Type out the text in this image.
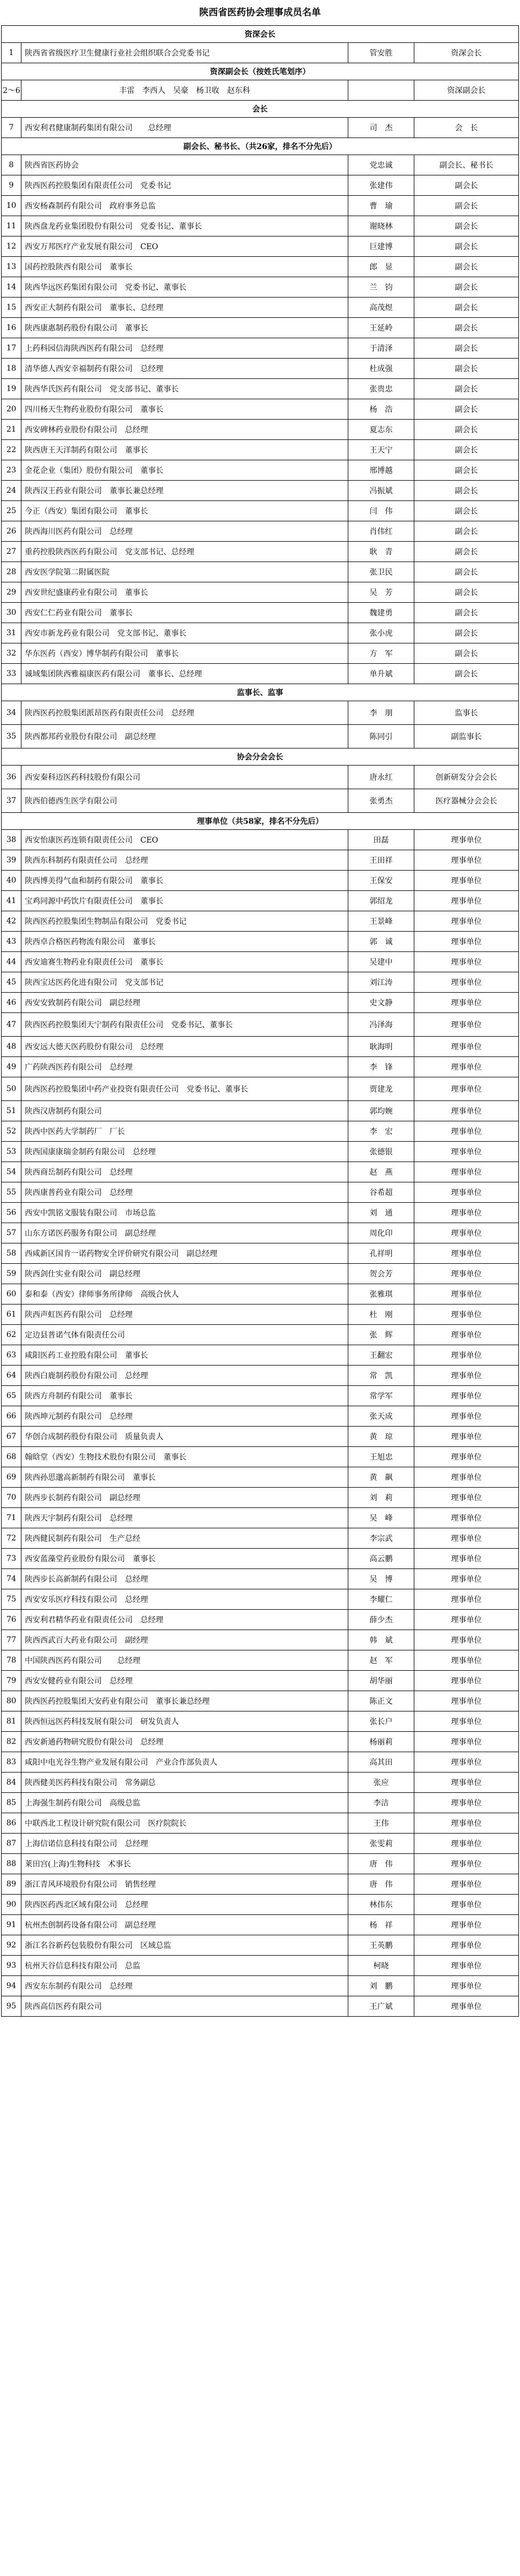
陕西省医药协会理事成员名单
资深会长			
1	陕西省省级医疗卫生健康行业社会组织联合会党委书记	管安胜	资深会长
资深副会长（按姓氏笔划序）			
2～6	丰雷　李西人　吴豪　杨卫收　赵东科		资深副会长
会长			
7	西安利君健康制药集团有限公司　　总经理	司　杰	会　长
副会长、秘书长、（共26家，排名不分先后）			
8	陕西省医药协会	党忠诚	副会长、秘书长
9	陕西医药控股集团有限责任公司　党委书记	张建伟	副会长
10	西安杨森制药有限公司　政府事务总监	曹　瑜	副会长
11	陕西盘龙药业集团股份有限公司　党委书记、董事长	谢晓林	副会长
12	西安万邦医疗产业发展有限公司　CEO	巨建博	副会长
13	国药控股陕西有限公司　董事长	郎　显	副会长
14	陕西华远医药集团有限公司　党委书记、董事长	兰　钧	副会长
15	西安正大制药有限公司　董事长、总经理	高茂煜	副会长
16	陕西康惠制药股份有限公司　董事长	王延岭	副会长
17	上药科园信海陕西医药有限公司　总经理	于清泽	副会长
18	清华德人西安幸福制药有限公司　总经理	杜成强	副会长
19	陕西华氏医药有限公司　党支部书记、董事长	张贵忠	副会长
20	四川杨天生物药业股份有限公司　董事长	杨　浩	副会长
21	西安碑林药业股份有限公司　总经理	夏志东	副会长
22	陕西唐王天洋制药有限公司　董事长	王天宁	副会长
23	金花企业（集团）股份有限公司　董事长	邢博越	副会长
24	陕西汉王药业有限公司　董事长兼总经理	冯振斌	副会长
25	今正（西安）集团有限公司　董事长	闫　伟	副会长
26	陕西海川医药有限公司　总经理	肖伟红	副会长
27	重药控股陕西医药有限公司　党支部书记、总经理	耿　青	副会长
28	西安医学院第二附属医院	张卫民	副会长
29	西安世纪盛康药业有限公司　董事长	吴　芳	副会长
30	西安仁仁药业有限公司　董事长	魏建勇	副会长
31	西安市新龙药业有限公司　党支部书记、董事长	张小虎	副会长
32	华东医药（西安）博华制药有限公司　董事长	方　军	副会长
33	诚域集团陕西雅福康医药有限公司　董事长、总经理	单升斌	副会长
监事长、监事			
34	陕西医药控股集团派昂医药有限责任公司　总经理	李　朋	监事长
35	陕西都邦药业股份有限公司　副总经理	陈同引	副监事长
协会分会会长			
36	西安秦科迈医药科技股份有限公司	唐永红	创新研发分会会长
37	陕西伯德西生医学有限公司	张勇杰	医疗器械分会会长
理事单位（共58家，排名不分先后）			
38	西安怡康医药连锁有限责任公司　CEO	田磊	理事单位
39	陕西东科制药有限责任公司　总经理	王田祥	理事单位
40	陕西博美得气血和制药有限公司　董事长	王保安	理事单位
41	宝鸡同源中药饮片有限责任公司　董事长	郭绍龙	理事单位
42	陕西医药控股集团生物制品有限公司　党委书记	王景峰	理事单位
43	陕西卓合格医药物流有限公司　董事长	郭　诚	理事单位
44	西安迪赛生物药业有限责任公司　董事长	吴建中	理事单位
45	陕西宝达医药化进有限公司　党支部书记	刘江涛	理事单位
46	西安安致制药有限公司　副总经理	史文静	理事单位
47	陕西医药控股集团天宁制药有限责任公司　党委书记、董事长	冯泽海	理事单位
48	西安远大德天医药股份有限公司　总经理	耿海明	理事单位
49	广药陕西医药有限公司　总经理	李　锋	理事单位
50	陕西医药控股集团中药产业投资有限责任公司　党委书记、董事长	贾建龙	理事单位
51	陕西汉唐制药有限公司	郭均婉	理事单位
52	陕西中医药大学制药厂　厂长	李　宏	理事单位
53	陕西国康康瑞金制药有限公司　总经理	张德银	理事单位
54	陕西商岳制药有限公司　总经理	赵　燕	理事单位
55	陕西康普药业有限公司　总经理	谷希超	理事单位
56	西安中凯铭文服装有限公司　市场总监	刘　通	理事单位
57	山东方诺医药服务有限公司　副总经理	周化印	理事单位
58	西咸新区国肯一诺药物安全评价研究有限公司　副总经理	孔祥明	理事单位
59	陕西剑仕实业有限公司　副总经理	贺会芳	理事单位
60	泰和泰（西安）律师事务所律师　高级合伙人	张雅琪	理事单位
61	陕西声虹医药有限公司　总经理	杜　刚	理事单位
62	定边县普诺气体有限责任公司	张　辉	理事单位
63	咸阳医药工业控股有限公司　董事长	王翻宏	理事单位
64	陕西白鹿制药股份有限公司　总经理	常　凯	理事单位
65	陕西方舟制药有限公司　董事长	常学军	理事单位
66	陕西坤元制药有限公司　总经理	张天成	理事单位
67	华创合成制药股份有限公司　质量负责人	黄　琼	理事单位
68	翰晗堂（西安）生物技术股份有限公司　董事长	王旭忠	理事单位
69	陕西孙思邈高新制药有限公司　董事长	黄　飙	理事单位
70	陕西步长制药有限公司　副总经理	刘　莉	理事单位
71	陕西天宇制药有限公司　总经理	吴　峰	理事单位
72	陕西健民制药有限公司　生产总经	李宗武	理事单位
73	西安蓝藻堂药业股份有限公司　董事长	高云鹏	理事单位
74	陕西步长高新制药有限公司　总经理	吴　博	理事单位
75	西安安乐医疗科技有限公司　总经理	李耀仁	理事单位
76	西安利君精华药业有限责任公司　总经理	薛少杰	理事单位
77	陕西西武百大药业有限公司　副经理	韩　斌	理事单位
78	中国陕西医药有限公司　　总经理	赵　军	理事单位
79	西安安健药业有限公司　总经理	胡华丽	理事单位
80	陕西医药控股集团天安药业有限公司　董事长兼总经理	陈正文	理事单位
81	陕西恒远医药科技发展有限公司　研发负责人	张长户	理事单位
82	西安新通药物研究股份有限公司　总经理	杨丽莉	理事单位
83	咸阳中电光谷生物产业发展有限公司　产业合作部负责人	高其田	理事单位
84	陕西健美医药科技有限公司　常务副总	张应	理事单位
85	上海强生制药有限公司　高级总监	李洁	理事单位
86	中联西北工程设计研究院有限公司　医疗院院长	王伟	理事单位
87	上海信诺信息科技有限公司　总经理	张雯莉	理事单位
88	莱田宫(上海)生物科技　术事长	唐　伟	理事单位
89	浙江青风环境股份有限公司　销售经理	唐　伟	理事单位
90	陕西医药西北区域有限公司　总经理	林伟东	理事单位
91	杭州杰创制药设备有限公司　副总经理	杨　祥	理事单位
92	浙江名谷新药包装股份有限公司　区域总监	王英鹏	理事单位
93	杭州天谷信息科技有限公司　总监	柯晓	理事单位
94	西安东东制药有限公司　总经理	刘　鹏	理事单位
95	陕西高信医药有限公司	王广斌	理事单位
